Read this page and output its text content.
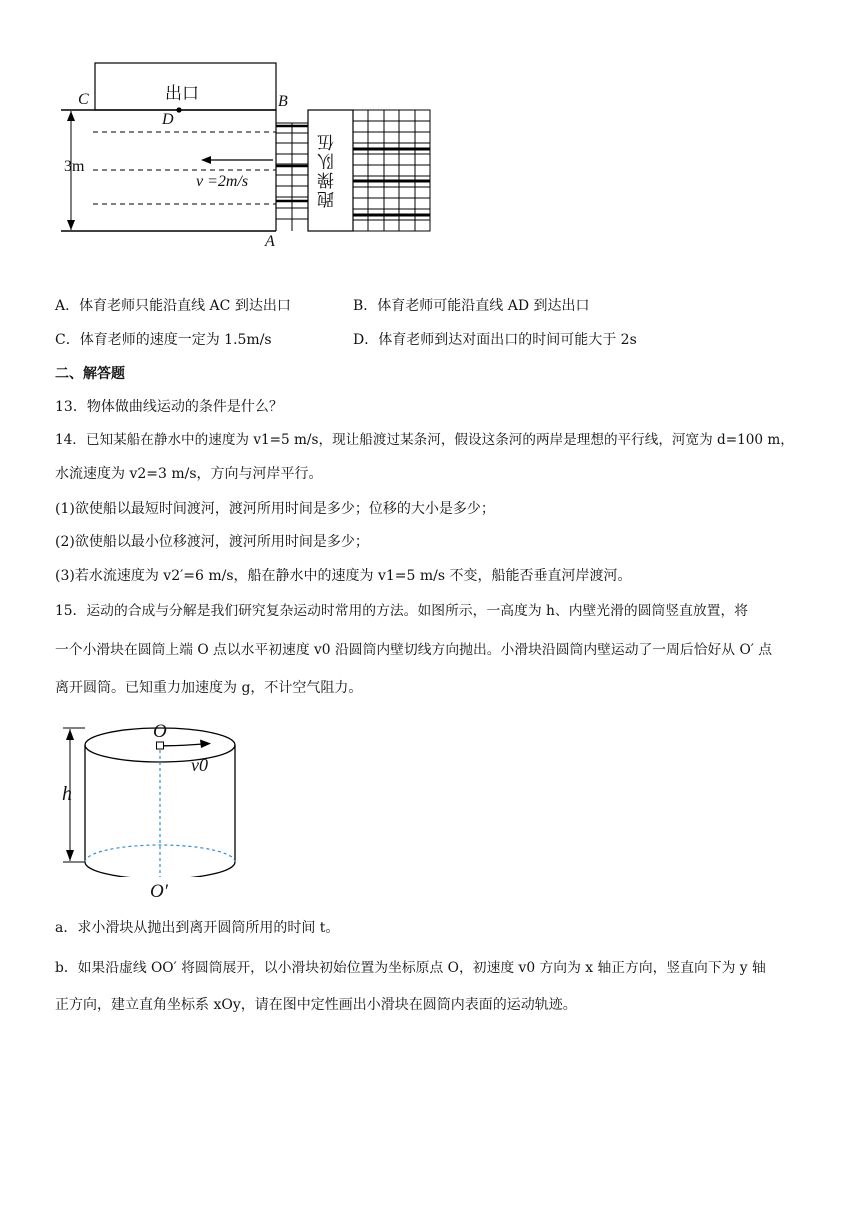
出口
C	B
D
A
3m
v =2m/s	跑操队伍
A．体育老师只能沿直线 AC 到达出口	B．体育老师可能沿直线 AD 到达出口
C．体育老师的速度一定为 1.5m/s	D．体育老师到达对面出口的时间可能大于 2s
二、解答题
13．物体做曲线运动的条件是什么？
14．已知某船在静水中的速度为 v1=5 m/s，现让船渡过某条河，假设这条河的两岸是理想的平行线，河宽为 d=100 m，
水流速度为 v2=3 m/s，方向与河岸平行。
(1)欲使船以最短时间渡河，渡河所用时间是多少；位移的大小是多少；
(2)欲使船以最小位移渡河，渡河所用时间是多少；
(3)若水流速度为 v2′=6 m/s，船在静水中的速度为 v1=5 m/s 不变，船能否垂直河岸渡河。
15．运动的合成与分解是我们研究复杂运动时常用的方法。如图所示，一高度为 h、内壁光滑的圆筒竖直放置，将
一个小滑块在圆筒上端 O 点以水平初速度 v0 沿圆筒内壁切线方向抛出。小滑块沿圆筒内壁运动了一周后恰好从 O′ 点
离开圆筒。已知重力加速度为 g，不计空气阻力。
O
v0
h
O′
a．求小滑块从抛出到离开圆筒所用的时间 t。
b．如果沿虚线 OO′ 将圆筒展开，以小滑块初始位置为坐标原点 O，初速度 v0 方向为 x 轴正方向，竖直向下为 y 轴
正方向，建立直角坐标系 xOy，请在图中定性画出小滑块在圆筒内表面的运动轨迹。
